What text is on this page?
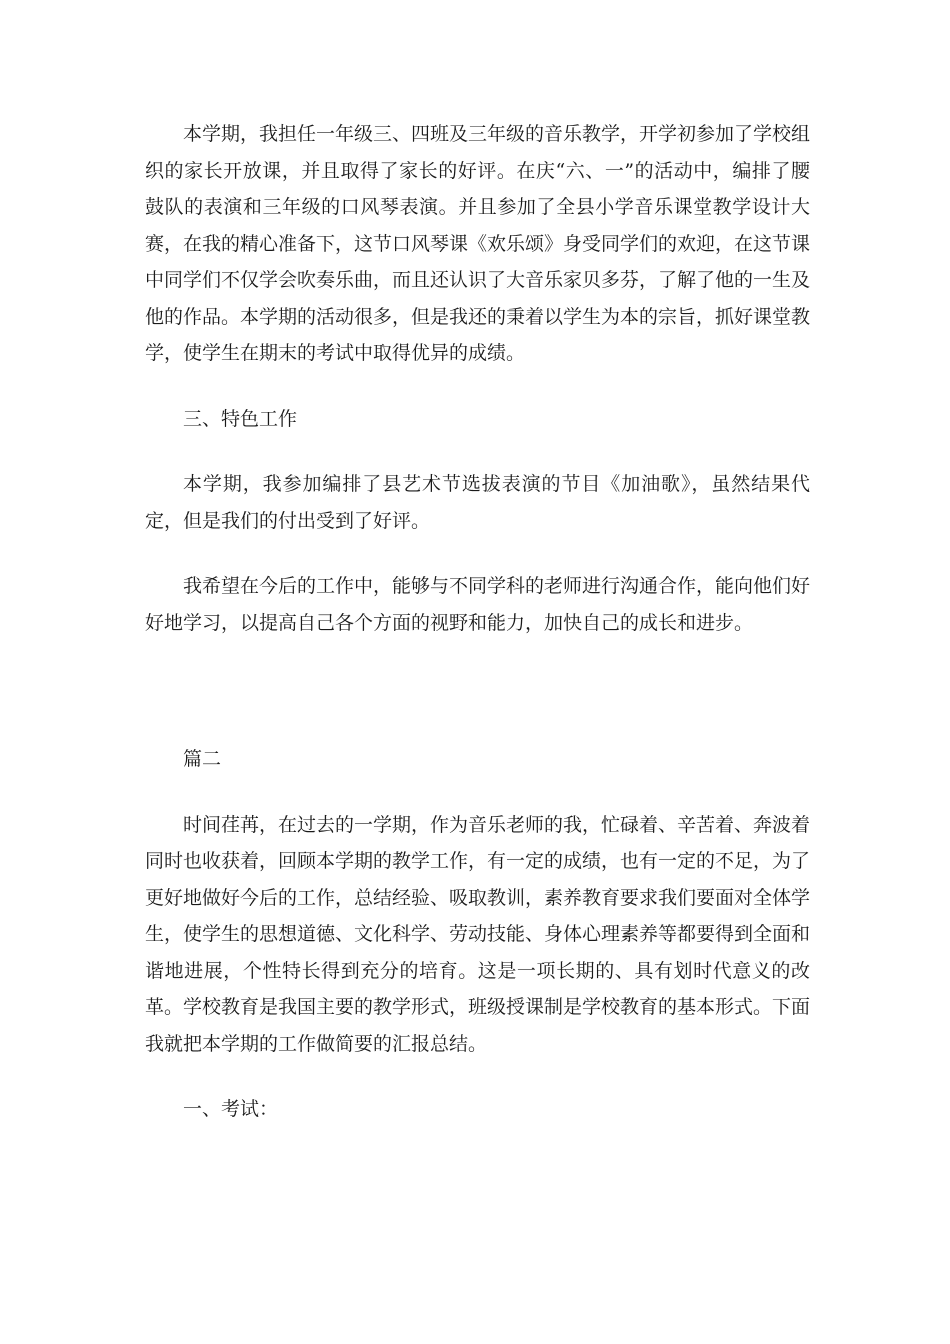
本学期，我担任一年级三、四班及三年级的音乐教学，开学初参加了学校组织的家长开放课，并且取得了家长的好评。在庆“六、一”的活动中，编排了腰鼓队的表演和三年级的口风琴表演。并且参加了全县小学音乐课堂教学设计大赛，在我的精心准备下，这节口风琴课《欢乐颂》身受同学们的欢迎，在这节课中同学们不仅学会吹奏乐曲，而且还认识了大音乐家贝多芬，了解了他的一生及他的作品。本学期的活动很多，但是我还的秉着以学生为本的宗旨，抓好课堂教学，使学生在期末的考试中取得优异的成绩。

三、特色工作

本学期，我参加编排了县艺术节选拔表演的节目《加油歌》，虽然结果代定，但是我们的付出受到了好评。

我希望在今后的工作中，能够与不同学科的老师进行沟通合作，能向他们好好地学习，以提高自己各个方面的视野和能力，加快自己的成长和进步。

篇二

时间荏苒，在过去的一学期，作为音乐老师的我，忙碌着、辛苦着、奔波着同时也收获着，回顾本学期的教学工作，有一定的成绩，也有一定的不足，为了更好地做好今后的工作，总结经验、吸取教训，素养教育要求我们要面对全体学生，使学生的思想道德、文化科学、劳动技能、身体心理素养等都要得到全面和谐地进展，个性特长得到充分的培育。这是一项长期的、具有划时代意义的改革。学校教育是我国主要的教学形式，班级授课制是学校教育的基本形式。下面我就把本学期的工作做简要的汇报总结。

一、考试：
